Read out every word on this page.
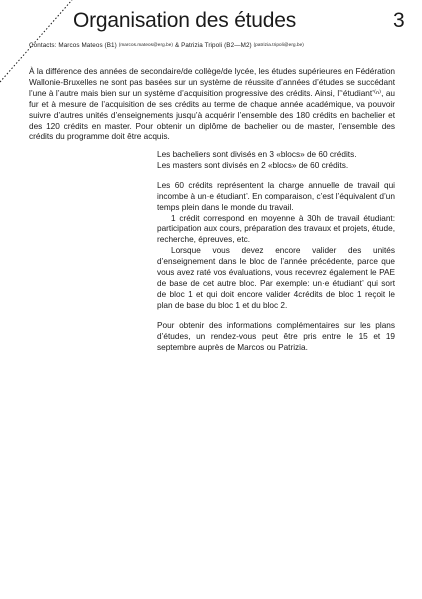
Organisation des études	3
Contacts: Marcos Mateos (B1) (marcos.mateos@erg.be) & Patrizia Tripoli (B2—M2) (patrizia.tripoli@erg.be)

À la différence des années de secondaire/de collège/de lycée, les études supérieures en Fédération Wallonie-Bruxelles ne sont pas basées sur un système de réussite d’années d’études se succédant l’une à l’autre mais bien sur un système d’acquisition progressive des crédits. Ainsi, l’‘étudiant’⁽ⁿ⁾, au fur et à mesure de l’acquisition de ses crédits au terme de chaque année académique, va pouvoir suivre d’autres unités d’enseignements jusqu’à acquérir l’ensemble des 180 crédits en bachelier et des 120 crédits en master. Pour obtenir un diplôme de bachelier ou de master, l’ensemble des crédits du programme doit être acquis.

Les bacheliers sont divisés en 3 «blocs» de 60 crédits.

Les masters sont divisés en 2 «blocs» de 60 crédits.

Les 60 crédits représentent la charge annuelle de travail qui incombe à un·e étudiant$^{^n}$. En comparaison, c’est l’équivalent d’un temps plein dans le monde du travail.

1 crédit correspond en moyenne à 30h de travail étudiant: participation aux cours, préparation des travaux et projets, étude, recherche, épreuves, etc.

Lorsque vous devez encore valider des unités d’enseignement dans le bloc de l’année précédente, parce que vous avez raté vos évaluations, vous recevrez également le PAE de base de cet autre bloc. Par exemple: un·e étudiant$^{^n}$ qui sort de bloc 1 et qui doit encore valider 4crédits de bloc 1 reçoit le plan de base du bloc 1 et du bloc 2.

Pour obtenir des informations complémentaires sur les plans d’études, un rendez-vous peut être pris entre le 15 et 19 septembre auprès de Marcos ou Patrizia.
